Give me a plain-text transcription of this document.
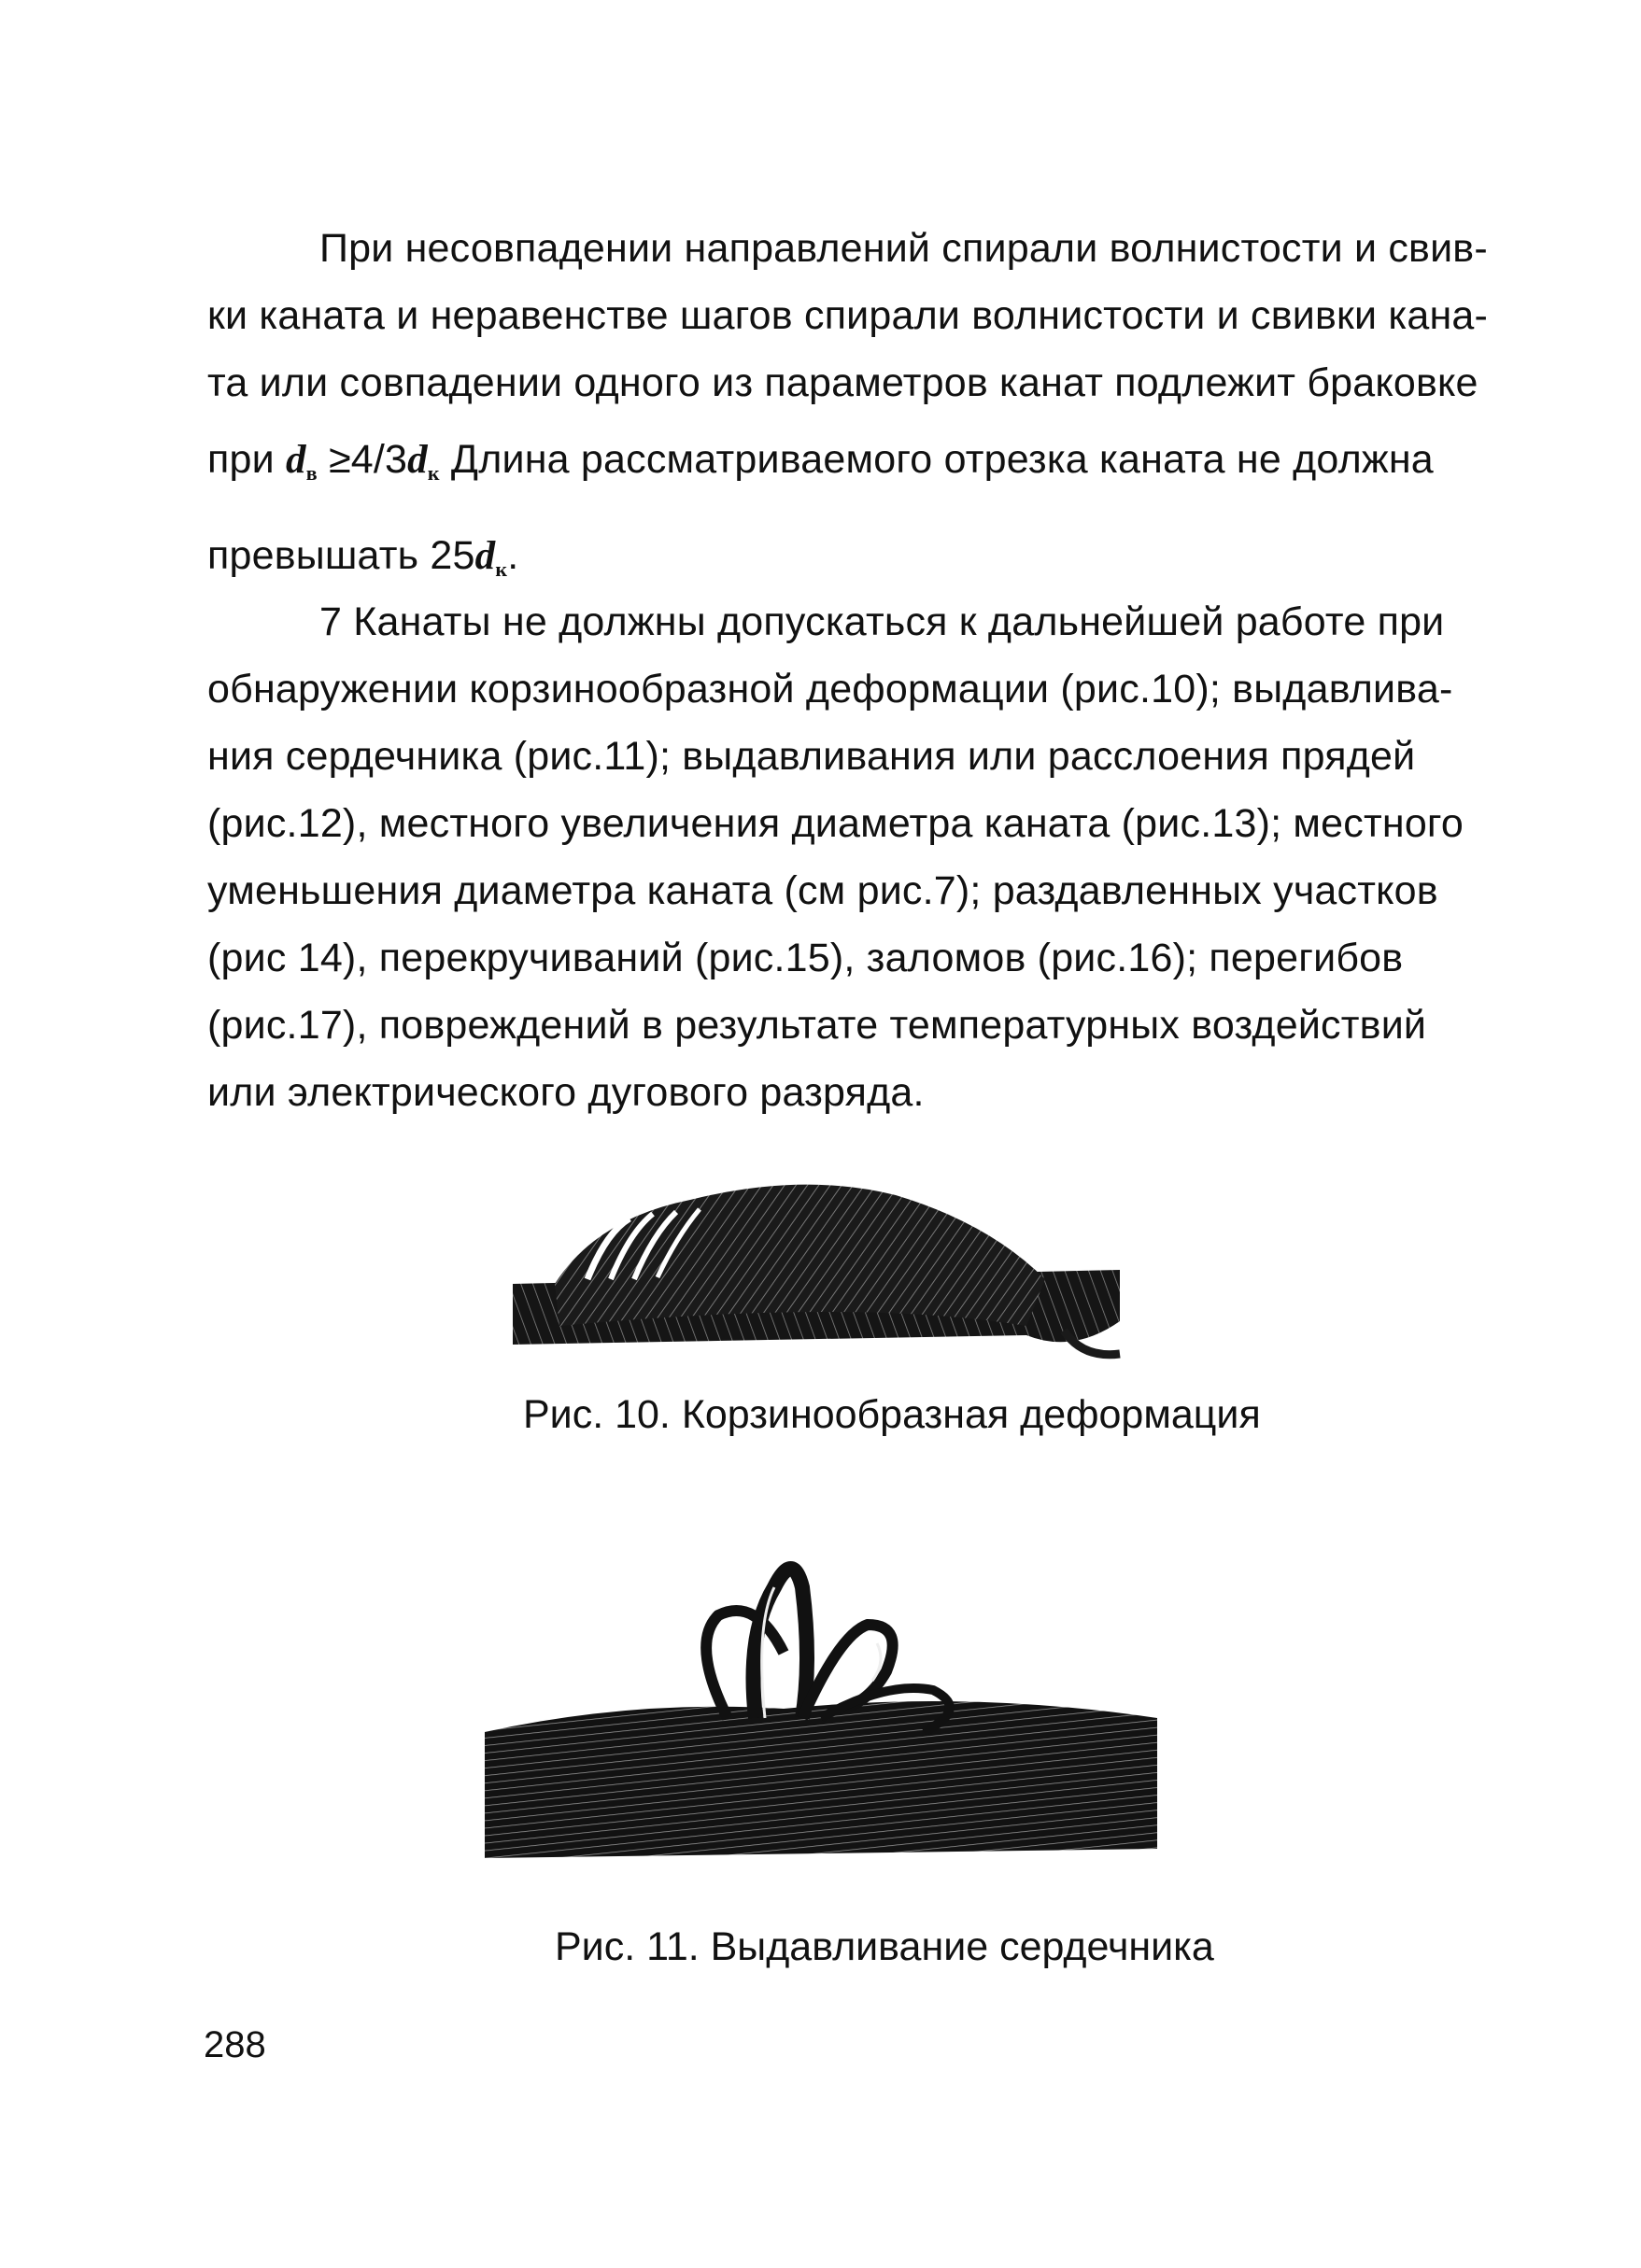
При несовпадении направлений спирали волнистости и свив-
ки каната и неравенстве шагов спирали волнистости и свивки кана-
та или совпадении одного из параметров канат подлежит браковке
при $d_в \ge 4/3d_к$ Длина рассматриваемого отрезка каната не должна
превышать $25d_к$.
7 Канаты не должны допускаться к дальнейшей работе при
обнаружении корзинообразной деформации (рис.10); выдавлива-
ния сердечника (рис.11); выдавливания или расслоения прядей
(рис.12), местного увеличения диаметра каната (рис.13); местного
уменьшения диаметра каната (см рис.7); раздавленных участков
(рис 14), перекручиваний (рис.15), заломов (рис.16); перегибов
(рис.17), повреждений в результате температурных воздействий
или электрического дугового разряда.
Рис. 10. Корзинообразная деформация
Рис. 11. Выдавливание сердечника
288
